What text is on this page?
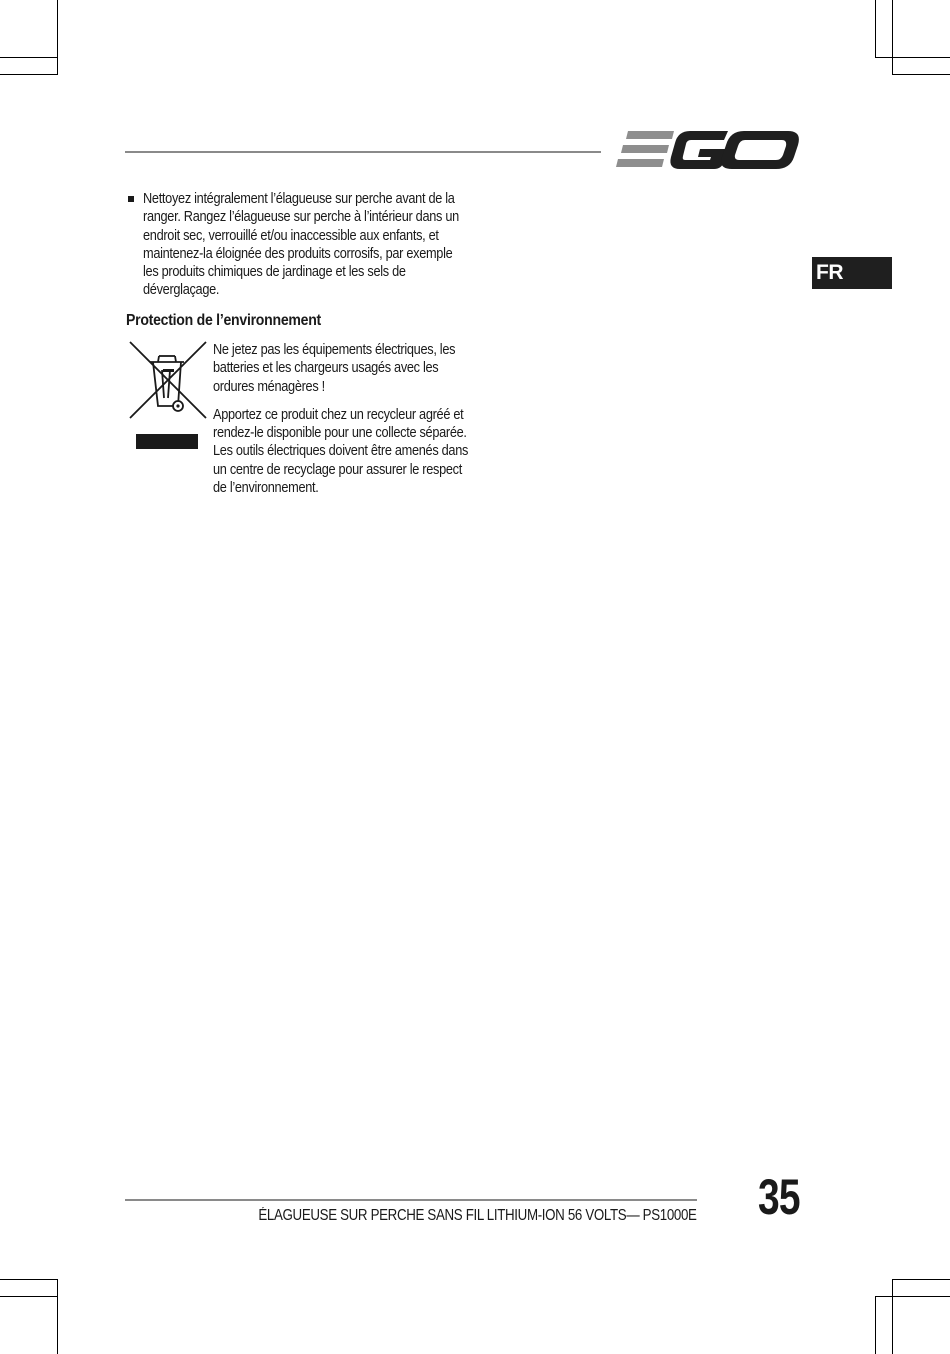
FR

Nettoyez intégralement l’élagueuse sur perche avant de la ranger. Rangez l’élagueuse sur perche à l’intérieur dans un endroit sec, verrouillé et/ou inaccessible aux enfants, et maintenez-la éloignée des produits corrosifs, par exemple les produits chimiques de jardinage et les sels de déverglaçage.

Protection de l’environnement

Ne jetez pas les équipements électriques, les batteries et les chargeurs usagés avec les ordures ménagères !

Apportez ce produit chez un recycleur agréé et rendez-le disponible pour une collecte séparée. Les outils électriques doivent être amenés dans un centre de recyclage pour assurer le respect de l’environnement.

ÉLAGUEUSE SUR PERCHE SANS FIL LITHIUM-ION 56 VOLTS— PS1000E 35
